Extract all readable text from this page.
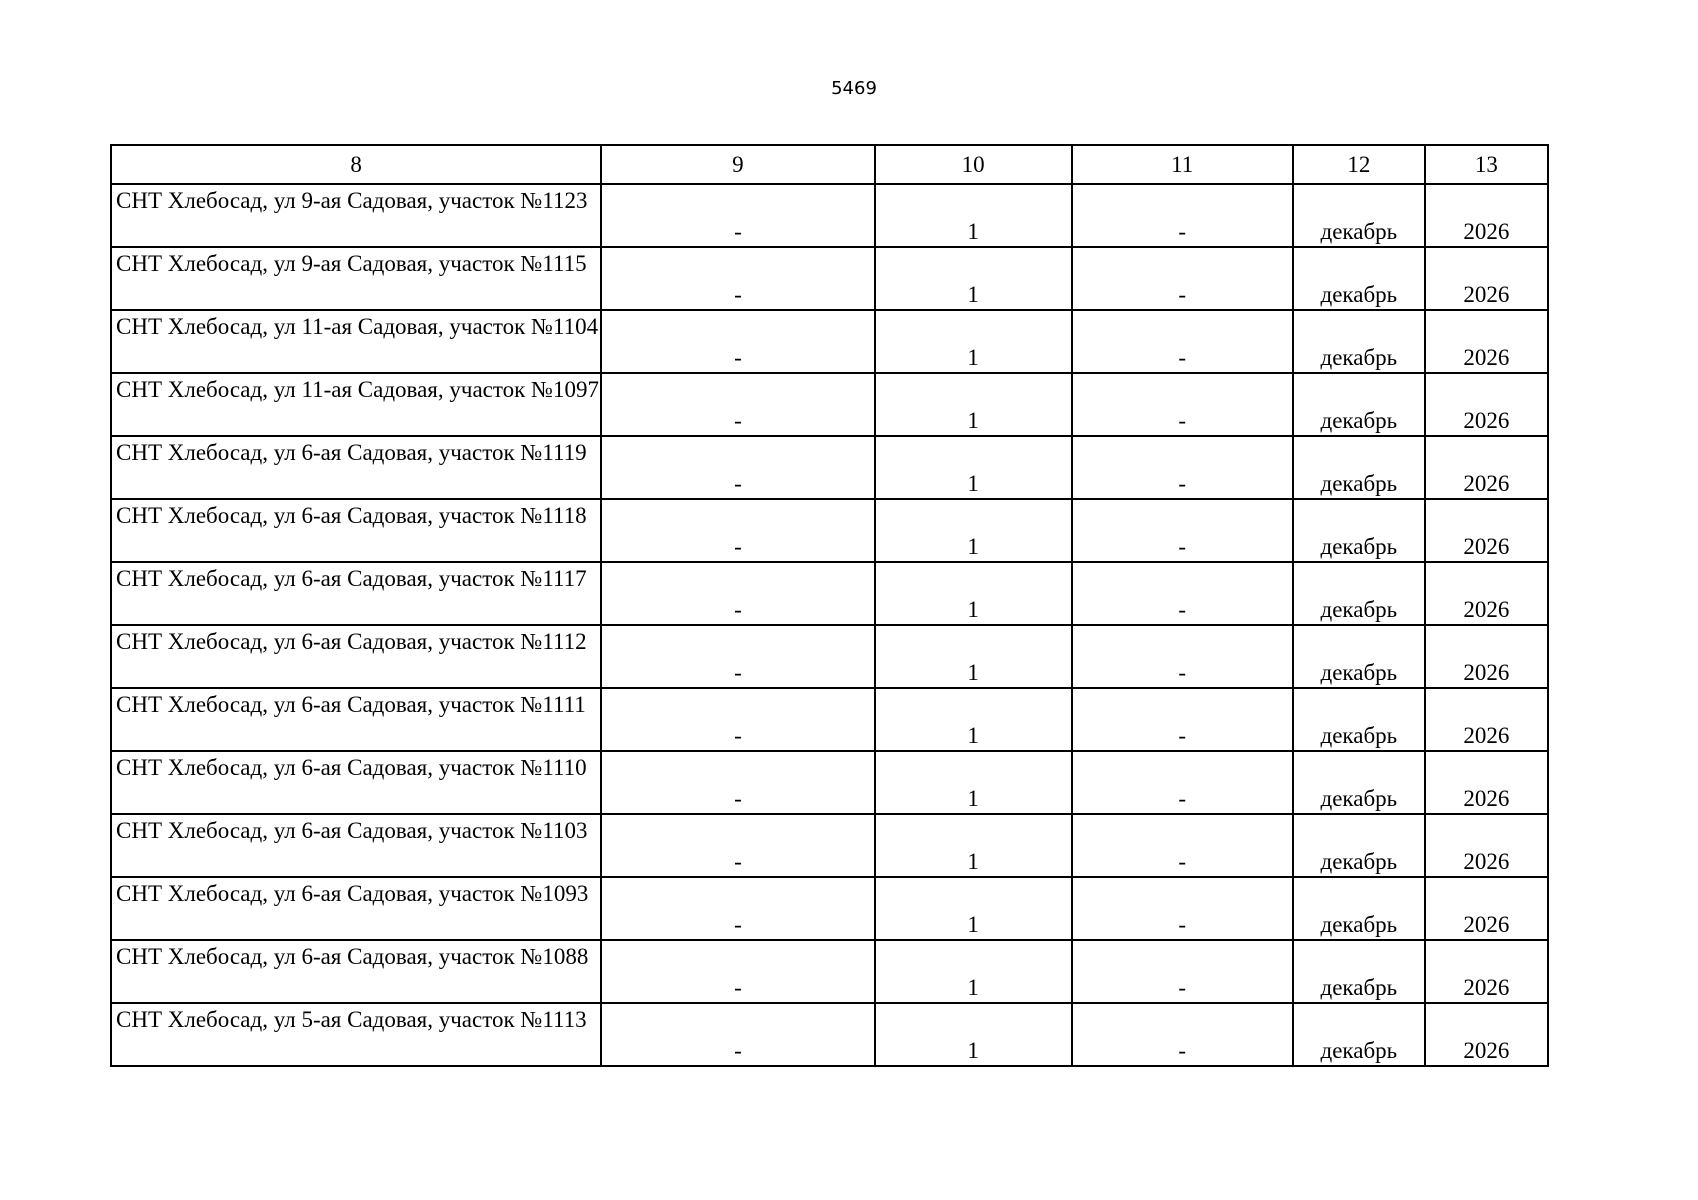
5469
8	9	10	11	12	13
СНТ Хлебосад, ул 9-ая Садовая, участок №1123	-	1	-	декабрь	2026
СНТ Хлебосад, ул 9-ая Садовая, участок №1115	-	1	-	декабрь	2026
СНТ Хлебосад, ул 11-ая Садовая, участок №1104	-	1	-	декабрь	2026
СНТ Хлебосад, ул 11-ая Садовая, участок №1097	-	1	-	декабрь	2026
СНТ Хлебосад, ул 6-ая Садовая, участок №1119	-	1	-	декабрь	2026
СНТ Хлебосад, ул 6-ая Садовая, участок №1118	-	1	-	декабрь	2026
СНТ Хлебосад, ул 6-ая Садовая, участок №1117	-	1	-	декабрь	2026
СНТ Хлебосад, ул 6-ая Садовая, участок №1112	-	1	-	декабрь	2026
СНТ Хлебосад, ул 6-ая Садовая, участок №1111	-	1	-	декабрь	2026
СНТ Хлебосад, ул 6-ая Садовая, участок №1110	-	1	-	декабрь	2026
СНТ Хлебосад, ул 6-ая Садовая, участок №1103	-	1	-	декабрь	2026
СНТ Хлебосад, ул 6-ая Садовая, участок №1093	-	1	-	декабрь	2026
СНТ Хлебосад, ул 6-ая Садовая, участок №1088	-	1	-	декабрь	2026
СНТ Хлебосад, ул 5-ая Садовая, участок №1113	-	1	-	декабрь	2026
